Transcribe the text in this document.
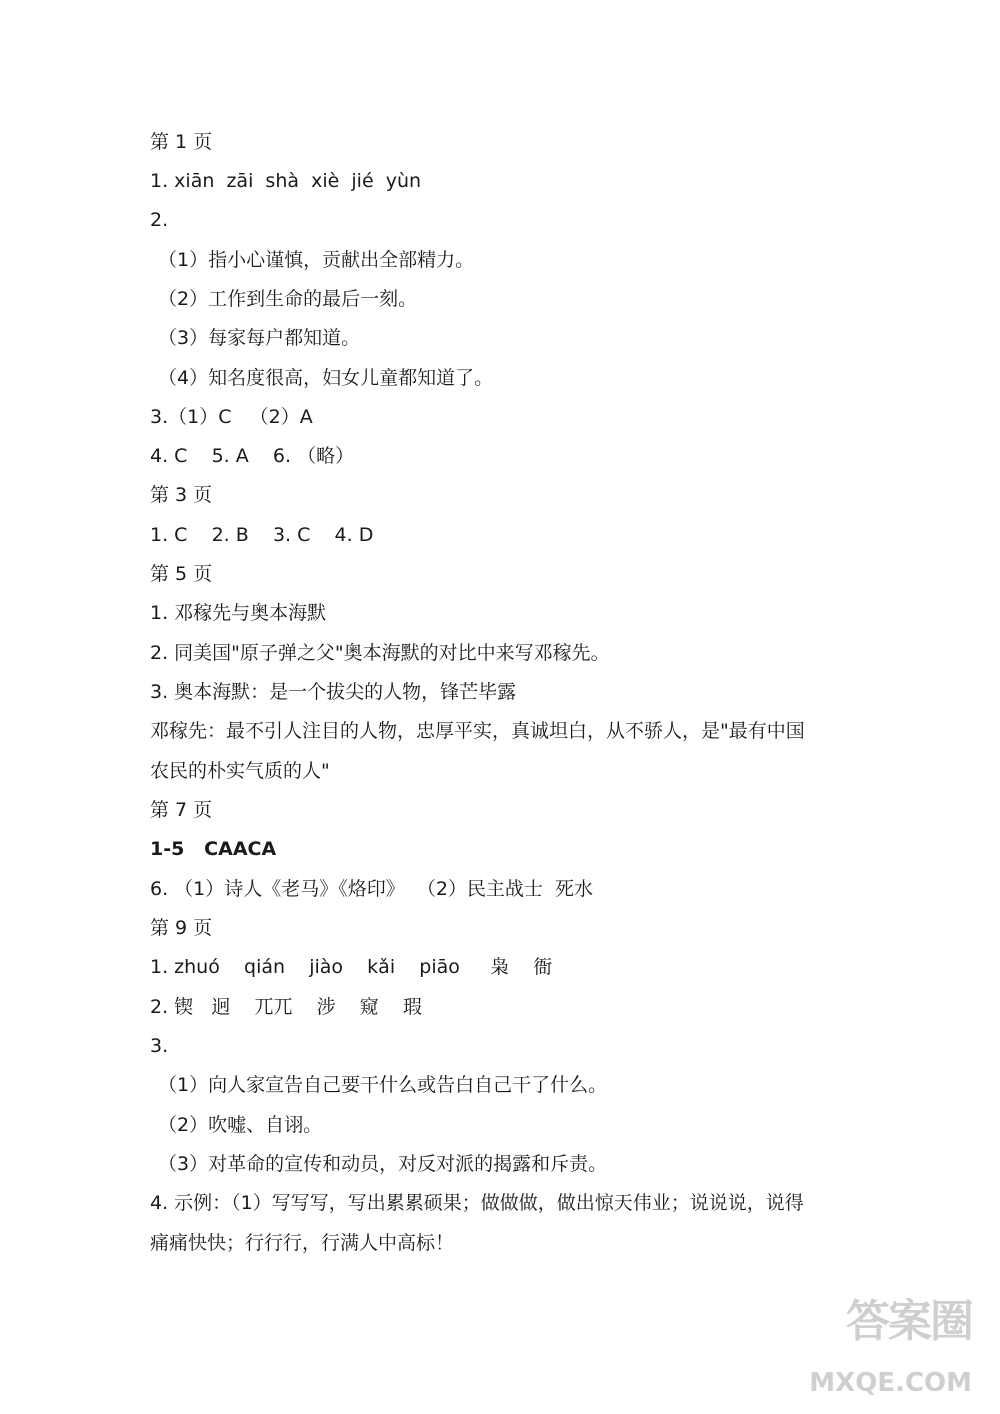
第 1 页

1. xiān  zāi  shà  xiè  jié  yùn

2.

（1）指小心谨慎，贡献出全部精力。

（2）工作到生命的最后一刻。

（3）每家每户都知道。

（4）知名度很高，妇女儿童都知道了。

3.（1）C   （2）A

4. C    5. A    6. （略）

第 3 页

1. C    2. B    3. C    4. D

第 5 页

1. 邓稼先与奥本海默

2. 同美国"原子弹之父"奥本海默的对比中来写邓稼先。

3. 奥本海默：是一个拔尖的人物，锋芒毕露

邓稼先：最不引人注目的人物，忠厚平实，真诚坦白，从不骄人，是"最有中国

农民的朴实气质的人"

第 7 页

1-5   CAACA

6. （1）诗人《老马》《烙印》  （2）民主战士  死水

第 9 页

1. zhuó    qián    jiào    kǎi    piāo     枭    衙

2. 锲   迥    兀兀    涉    窥    瑕

3.

（1）向人家宣告自己要干什么或告白自己干了什么。

（2）吹嘘、自诩。

（3）对革命的宣传和动员，对反对派的揭露和斥责。

4. 示例：（1）写写写，写出累累硕果；做做做，做出惊天伟业；说说说，说得

痛痛快快；行行行，行满人中高标！

答案圈
MXQE.COM
